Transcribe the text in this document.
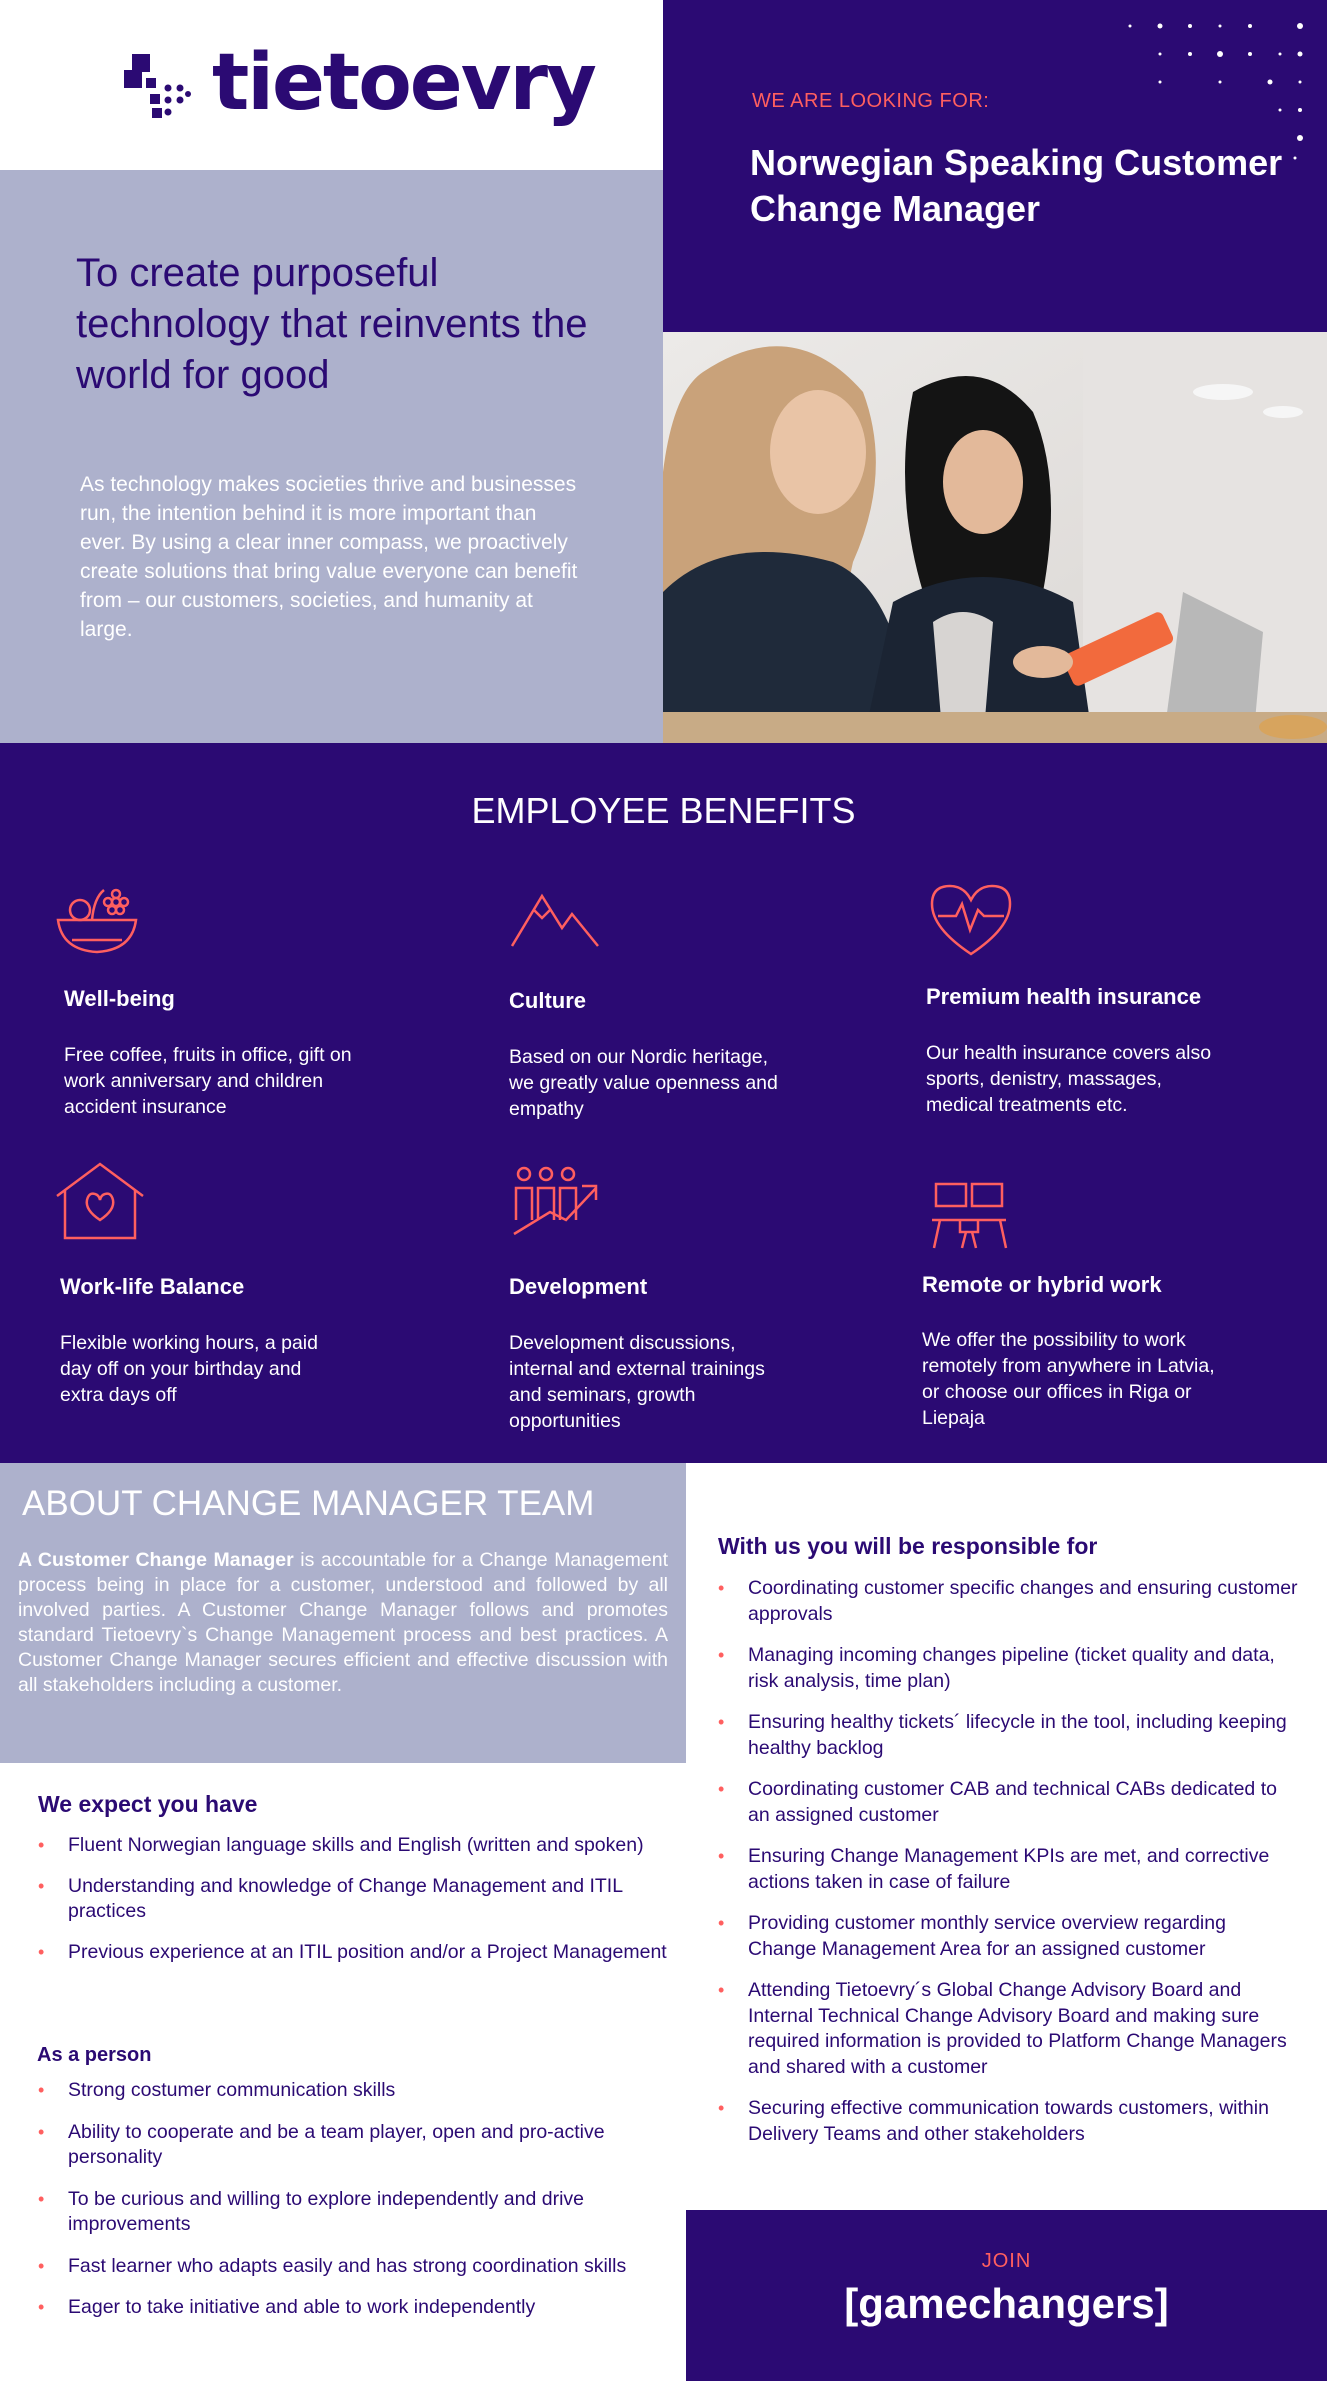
tietoevry	WE ARE LOOKING FOR:
Norwegian Speaking Customer Change Manager
To create purposeful technology that reinvents the world for good
As technology makes societies thrive and businesses run, the intention behind it is more important than ever. By using a clear inner compass, we proactively create solutions that bring value everyone can benefit from – our customers, societies, and humanity at large.
EMPLOYEE BENEFITS
Well-being
Free coffee, fruits in office, gift on work anniversary and children accident insurance
Culture
Based on our Nordic heritage, we greatly value openness and empathy
Premium health insurance
Our health insurance covers also sports, denistry, massages, medical treatments etc.
Work-life Balance
Flexible working hours, a paid day off on your birthday and extra days off
Development
Development discussions, internal and external trainings and seminars, growth opportunities
Remote or hybrid work
We offer the possibility to work remotely from anywhere in Latvia, or choose our offices in Riga or Liepaja
ABOUT CHANGE MANAGER TEAM
A Customer Change Manager is accountable for a Change Management process being in place for a customer, understood and followed by all involved parties. A Customer Change Manager follows and promotes standard Tietoevry`s Change Management process and best practices. A Customer Change Manager secures efficient and effective discussion with all stakeholders including a customer.
We expect you have
• Fluent Norwegian language skills and English (written and spoken)
• Understanding and knowledge of Change Management and ITIL practices
• Previous experience at an ITIL position and/or a Project Management
As a person
• Strong costumer communication skills
• Ability to cooperate and be a team player, open and pro-active personality
• To be curious and willing to explore independently and drive improvements
• Fast learner who adapts easily and has strong coordination skills
• Eager to take initiative and able to work independently
With us you will be responsible for
• Coordinating customer specific changes and ensuring customer approvals
• Managing incoming changes pipeline (ticket quality and data, risk analysis, time plan)
• Ensuring healthy tickets´ lifecycle in the tool, including keeping healthy backlog
• Coordinating customer CAB and technical CABs dedicated to an assigned customer
• Ensuring Change Management KPIs are met, and corrective actions taken in case of failure
• Providing customer monthly service overview regarding Change Management Area for an assigned customer
• Attending Tietoevry´s Global Change Advisory Board and Internal Technical Change Advisory Board and making sure required information is provided to Platform Change Managers and shared with a customer
• Securing effective communication towards customers, within Delivery Teams and other stakeholders
JOIN
[gamechangers]
